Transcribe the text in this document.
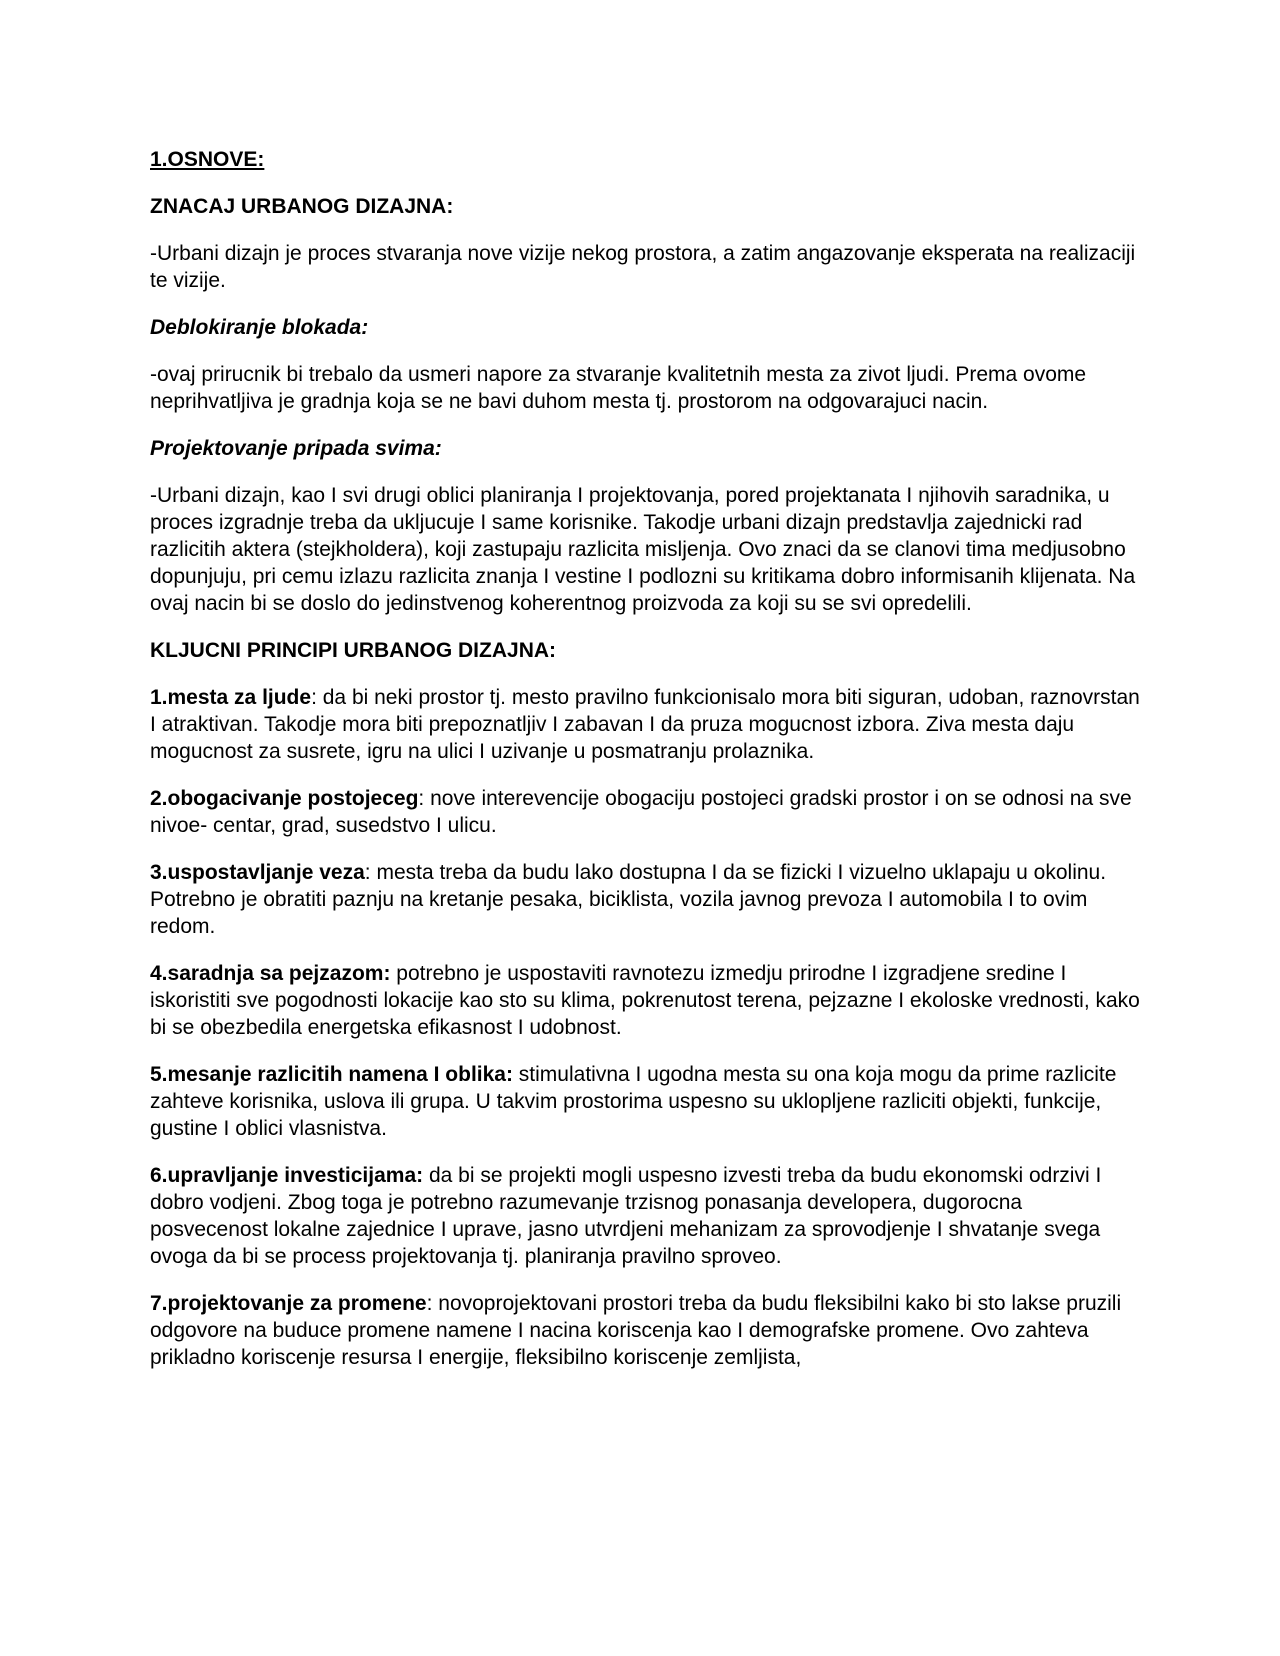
1.OSNOVE:
ZNACAJ URBANOG DIZAJNA:
-Urbani dizajn je proces stvaranja nove vizije nekog prostora, a zatim angazovanje eksperata na realizaciji te vizije.
Deblokiranje blokada:
-ovaj prirucnik bi trebalo da usmeri napore za stvaranje kvalitetnih mesta za zivot ljudi. Prema ovome neprihvatljiva je gradnja koja se ne bavi duhom mesta tj. prostorom na odgovarajuci nacin.
Projektovanje pripada svima:
-Urbani dizajn, kao I svi drugi oblici planiranja I projektovanja, pored projektanata I njihovih saradnika, u proces izgradnje treba da ukljucuje I same korisnike. Takodje urbani dizajn predstavlja zajednicki rad razlicitih aktera (stejkholdera), koji zastupaju razlicita misljenja. Ovo znaci da se clanovi tima medjusobno dopunjuju, pri cemu izlazu razlicita znanja I vestine I podlozni su kritikama dobro informisanih klijenata. Na ovaj nacin bi se doslo do jedinstvenog koherentnog proizvoda za koji su se svi opredelili.
KLJUCNI PRINCIPI URBANOG DIZAJNA:
1.mesta za ljude: da bi neki prostor tj. mesto pravilno funkcionisalo mora biti siguran, udoban, raznovrstan I atraktivan. Takodje mora biti prepoznatljiv I zabavan I da pruza mogucnost izbora. Ziva mesta daju mogucnost za susrete, igru na ulici I uzivanje u posmatranju prolaznika.
2.obogacivanje postojeceg: nove interevencije obogaciju postojeci gradski prostor i on se odnosi na sve nivoe- centar, grad, susedstvo I ulicu.
3.uspostavljanje veza: mesta treba da budu lako dostupna I da se fizicki I vizuelno uklapaju u okolinu. Potrebno je obratiti paznju na kretanje pesaka, biciklista, vozila javnog prevoza I automobila I to ovim redom.
4.saradnja sa pejzazom: potrebno je uspostaviti ravnotezu izmedju prirodne I izgradjene sredine I iskoristiti sve pogodnosti lokacije kao sto su klima, pokrenutost terena, pejzazne I ekoloske vrednosti, kako bi se obezbedila energetska efikasnost I udobnost.
5.mesanje razlicitih namena I oblika: stimulativna I ugodna mesta su ona koja mogu da prime razlicite zahteve korisnika, uslova ili grupa. U takvim prostorima uspesno su uklopljene razliciti objekti, funkcije, gustine I oblici vlasnistva.
6.upravljanje investicijama: da bi se projekti mogli uspesno izvesti treba da budu ekonomski odrzivi I dobro vodjeni. Zbog toga je potrebno razumevanje trzisnog ponasanja developera, dugorocna posvecenost lokalne zajednice I uprave, jasno utvrdjeni mehanizam za sprovodjenje I shvatanje svega ovoga da bi se process projektovanja tj. planiranja pravilno sproveo.
7.projektovanje za promene: novoprojektovani prostori treba da budu fleksibilni kako bi sto lakse pruzili odgovore na buduce promene namene I nacina koriscenja kao I demografske promene. Ovo zahteva prikladno koriscenje resursa I energije, fleksibilno koriscenje zemljista,
